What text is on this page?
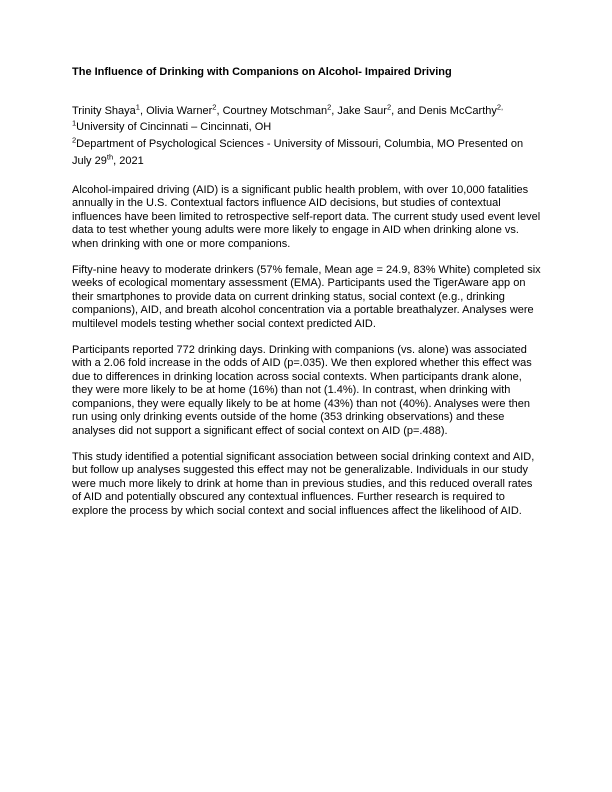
The Influence of Drinking with Companions on Alcohol- Impaired Driving

Trinity Shaya$^1$, Olivia Warner$^2$, Courtney Motschman$^2$, Jake Saur$^2$, and Denis McCarthy$^{2,}$

$^1$University of Cincinnati – Cincinnati, OH

$^2$Department of Psychological Sciences - University of Missouri, Columbia, MO Presented on July 29th, 2021

Alcohol-impaired driving (AID) is a significant public health problem, with over 10,000 fatalities annually in the U.S. Contextual factors influence AID decisions, but studies of contextual influences have been limited to retrospective self-report data. The current study used event level data to test whether young adults were more likely to engage in AID when drinking alone vs. when drinking with one or more companions.

Fifty-nine heavy to moderate drinkers (57% female, Mean age = 24.9, 83% White) completed six weeks of ecological momentary assessment (EMA). Participants used the TigerAware app on their smartphones to provide data on current drinking status, social context (e.g., drinking companions), AID, and breath alcohol concentration via a portable breathalyzer. Analyses were multilevel models testing whether social context predicted AID.

Participants reported 772 drinking days. Drinking with companions (vs. alone) was associated with a 2.06 fold increase in the odds of AID (p=.035). We then explored whether this effect was due to differences in drinking location across social contexts. When participants drank alone, they were more likely to be at home (16%) than not (1.4%). In contrast, when drinking with companions, they were equally likely to be at home (43%) than not (40%). Analyses were then run using only drinking events outside of the home (353 drinking observations) and these analyses did not support a significant effect of social context on AID (p=.488).

This study identified a potential significant association between social drinking context and AID, but follow up analyses suggested this effect may not be generalizable. Individuals in our study were much more likely to drink at home than in previous studies, and this reduced overall rates of AID and potentially obscured any contextual influences. Further research is required to explore the process by which social context and social influences affect the likelihood of AID.
